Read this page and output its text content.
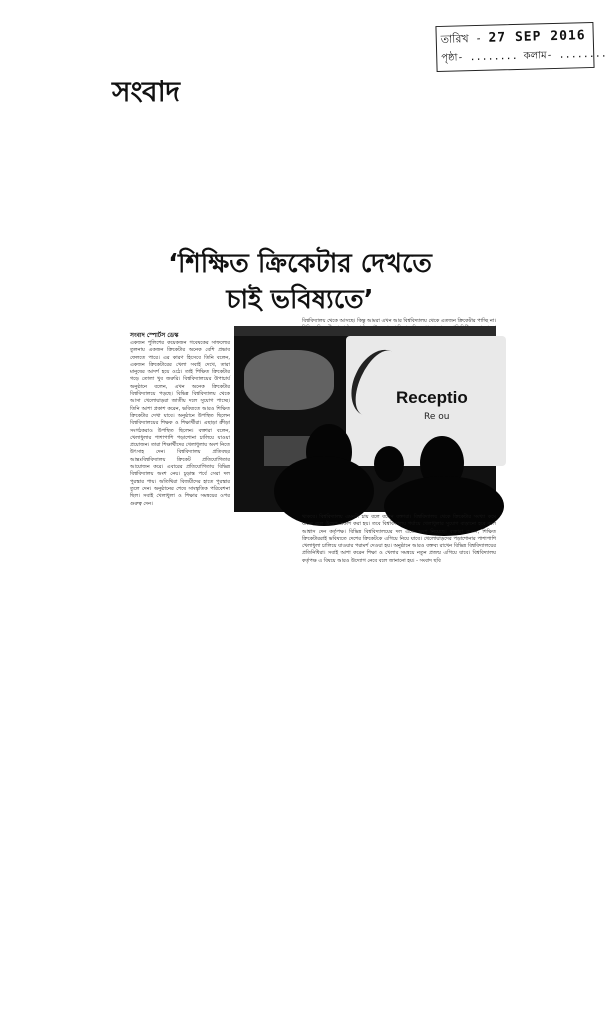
তারিখ - 27 SEP 2016
পৃষ্ঠা- ........ কলাম- ........
সংবাদ
‘শিক্ষিত ক্রিকেটার দেখতে
চাই ভবিষ্যতে’
সংবাদ স্পোর্টস ডেস্ক

একজন পুলিশের কয়েকজন গবেষকের সাফল্যের তুলনায় একজন ক্রিকেটার অনেক বেশি প্রভাব ফেলতে পারে। এর কারণ হিসেবে তিনি বলেন, একজন ক্রিকেটারের খেলা সবাই দেখে, তারা মানুষের আদর্শ হয়ে ওঠে। তাই শিক্ষিত ক্রিকেটার গড়ে তোলা খুব জরুরি। বিশ্ববিদ্যালয়ের উপাচার্য অনুষ্ঠানে বলেন, এখন অনেক ক্রিকেটার বিশ্ববিদ্যালয়ে পড়ছে। বিভিন্ন বিশ্ববিদ্যালয় থেকে আসা খেলোয়াড়রা জাতীয় দলে সুযোগ পাচ্ছে। তিনি আশা প্রকাশ করেন, ভবিষ্যতে আরও শিক্ষিত ক্রিকেটার দেখা যাবে। অনুষ্ঠানে উপস্থিত ছিলেন বিশ্ববিদ্যালয়ের শিক্ষক ও শিক্ষার্থীরা। এছাড়া ক্রীড়া সংগঠকরাও উপস্থিত ছিলেন। বক্তারা বলেন, খেলাধুলার পাশাপাশি পড়াশোনা চালিয়ে যাওয়া প্রয়োজন। তারা শিক্ষার্থীদের খেলাধুলায় অংশ নিতে উৎসাহ দেন। বিশ্ববিদ্যালয় প্রতিবছর আন্তঃবিশ্ববিদ্যালয় ক্রিকেট প্রতিযোগিতার আয়োজন করে। এবারের প্রতিযোগিতায় বিভিন্ন বিশ্ববিদ্যালয় অংশ নেয়। চূড়ান্ত পর্বে সেরা দল পুরস্কার পায়। অতিথিরা বিজয়ীদের হাতে পুরস্কার তুলে দেন। অনুষ্ঠানের শেষে সাংস্কৃতিক পরিবেশনা ছিল। সবাই খেলাধুলা ও শিক্ষার সমন্বয়ের ওপর গুরুত্ব দেন।

বিশ্ববিদ্যালয় থেকে আসছে। কিন্তু আমরা এখন আর বিশ্ববিদ্যালয় থেকে এতজন ক্রিকেটার পাচ্ছি না।

Receptio
Re ou

থাকবে। বিশ্ববিদ্যালয় এমনটা চায় বলে বলেন বক্তারা। বিশ্ববিদ্যালয় থেকে ক্রিকেটার সংখ্যা কমে যাচ্ছে বলে উদ্বেগ প্রকাশ করা হয়। তবে বিশ্ববিদ্যালয় পর্যায়ে খেলাধুলার সুযোগ বাড়ানো হবে বলে আশ্বাস দেন কর্তৃপক্ষ। বিভিন্ন বিশ্ববিদ্যালয়ের দল এতে অংশ নিয়েছে। বক্তারা বলেন, শিক্ষিত ক্রিকেটাররাই ভবিষ্যতে দেশের ক্রিকেটকে এগিয়ে নিয়ে যাবে। খেলোয়াড়দের পড়াশোনার পাশাপাশি খেলাধুলা চালিয়ে যাওয়ার পরামর্শ দেওয়া হয়। অনুষ্ঠানে আরও বক্তব্য রাখেন বিভিন্ন বিশ্ববিদ্যালয়ের প্রতিনিধিরা। সবাই আশা করেন শিক্ষা ও খেলার সমন্বয়ে নতুন প্রজন্ম এগিয়ে যাবে। বিশ্ববিদ্যালয় কর্তৃপক্ষ এ বিষয়ে আরও উদ্যোগ নেবে বলে জানানো হয়। - সংবাদ ছবি
